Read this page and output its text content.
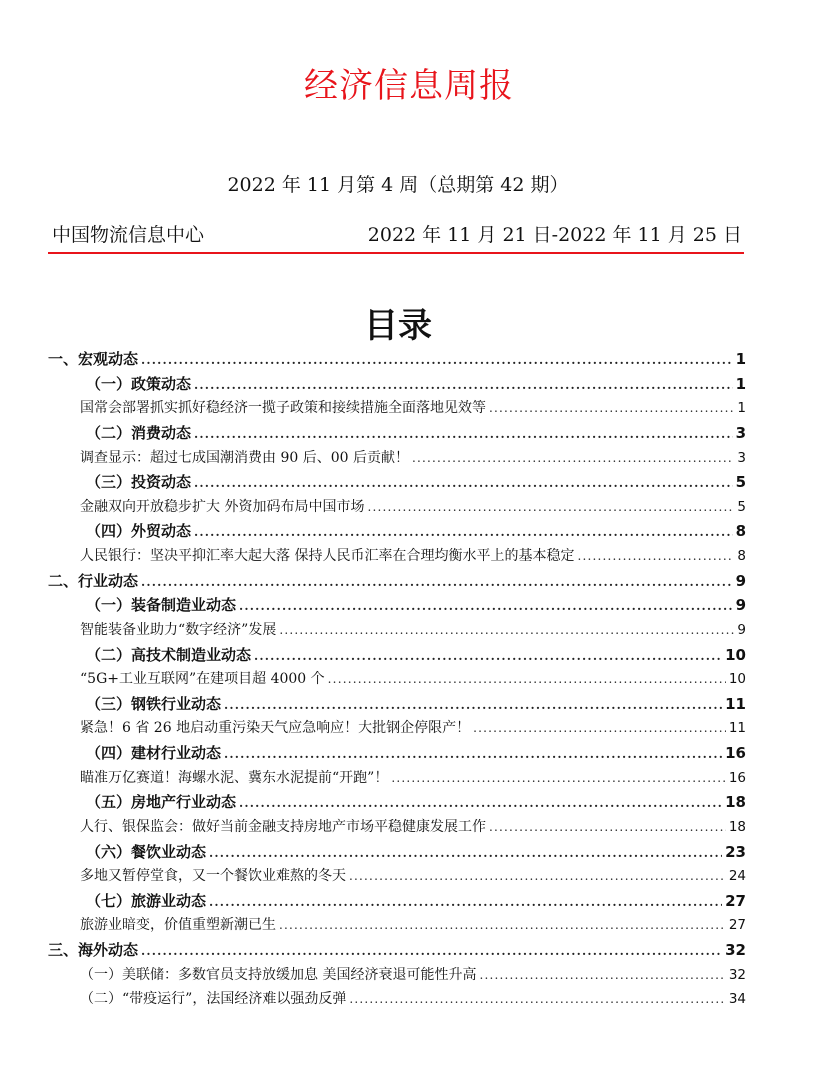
经济信息周报
2022 年 11 月第 4 周（总期第 42 期）
中国物流信息中心	2022 年 11 月 21 日-2022 年 11 月 25 日
目录
一、宏观动态 .....	1
（一）政策动态 .....	1
国常会部署抓实抓好稳经济一揽子政策和接续措施全面落地见效等 .....	1
（二）消费动态 .....	3
调查显示：超过七成国潮消费由 90 后、00 后贡献！ .....	3
（三）投资动态 .....	5
金融双向开放稳步扩大 外资加码布局中国市场 .....	5
（四）外贸动态 .....	8
人民银行：坚决平抑汇率大起大落 保持人民币汇率在合理均衡水平上的基本稳定 .....	8
二、行业动态 .....	9
（一）装备制造业动态 .....	9
智能装备业助力“数字经济”发展 .....	9
（二）高技术制造业动态 .....	10
“5G+工业互联网”在建项目超 4000 个 .....	10
（三）钢铁行业动态 .....	11
紧急！6 省 26 地启动重污染天气应急响应！大批钢企停限产！ .....	11
（四）建材行业动态 .....	16
瞄准万亿赛道！海螺水泥、冀东水泥提前“开跑”！ .....	16
（五）房地产行业动态 .....	18
人行、银保监会：做好当前金融支持房地产市场平稳健康发展工作 .....	18
（六）餐饮业动态 .....	23
多地又暂停堂食，又一个餐饮业难熬的冬天 .....	24
（七）旅游业动态 .....	27
旅游业暗变，价值重塑新潮已生 .....	27
三、海外动态 .....	32
（一）美联储：多数官员支持放缓加息 美国经济衰退可能性升高 .....	32
（二）“带疫运行”，法国经济难以强劲反弹 .....	34
